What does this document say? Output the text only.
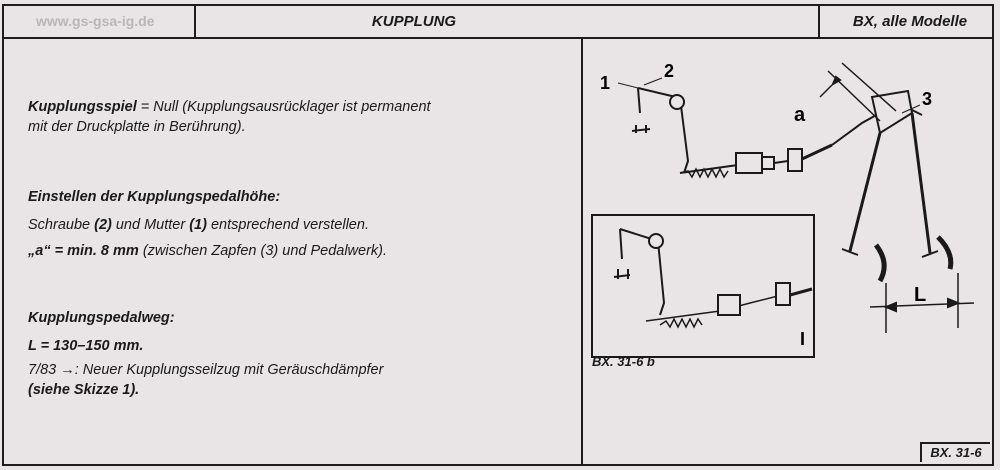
www.gs-gsa-ig.de	KUPPLUNG	BX, alle Modelle
BX. 31-6
Kupplungsspiel = Null (Kupplungsausrücklager ist permanent
mit der Druckplatte in Berührung).
Einstellen der Kupplungspedalhöhe:
Schraube (2) und Mutter (1) entsprechend verstellen.
„a“ = min. 8 mm (zwischen Zapfen (3) und Pedalwerk).
Kupplungspedalweg:
L = 130–150 mm.
7/83 →: Neuer Kupplungsseilzug mit Geräuschdämpfer
(siehe Skizze 1).
1
2
3
a
L
I
BX. 31-6 b
